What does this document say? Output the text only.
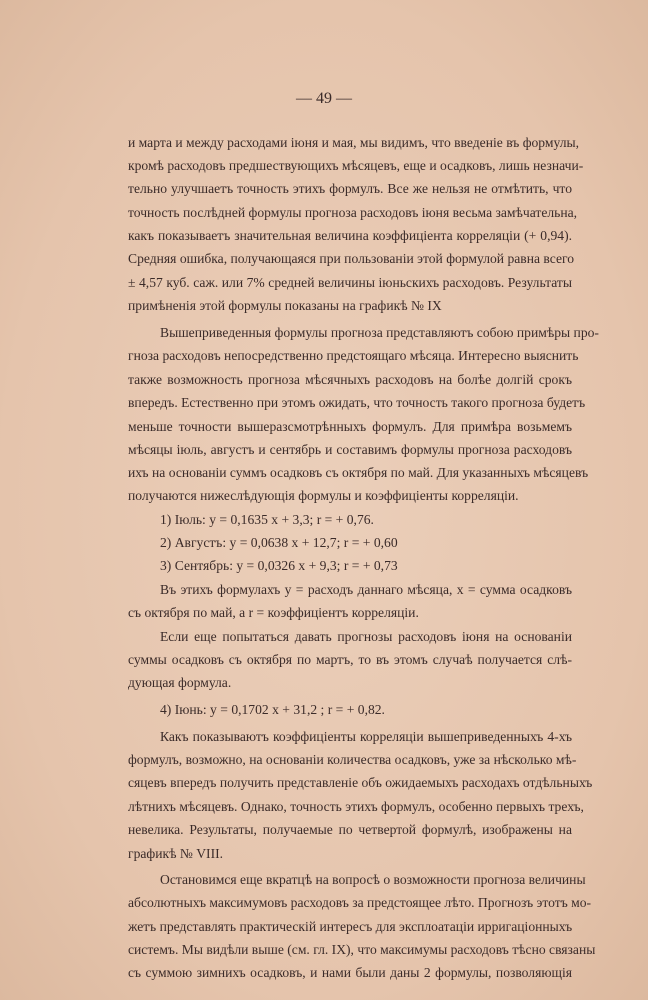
— 49 —
и марта и между расходами іюня и мая, мы видимъ, что введеніе въ формулы,
кромѣ расходовъ предшествующихъ мѣсяцевъ, еще и осадковъ, лишь незначи-
тельно улучшаетъ точность этихъ формулъ. Все же нельзя не отмѣтить, что
точность послѣдней формулы прогноза расходовъ іюня весьма замѣчательна,
какъ показываетъ значительная величина коэффиціента корреляціи (+ 0,94).
Средняя ошибка, получающаяся при пользованіи этой формулой равна всего
± 4,57 куб. саж. или 7% средней величины іюньскихъ расходовъ. Результаты
примѣненія этой формулы показаны на графикѣ № IX
Вышеприведенныя формулы прогноза представляютъ собою примѣры про-
гноза расходовъ непосредственно предстоящаго мѣсяца. Интересно выяснить
также возможность прогноза мѣсячныхъ расходовъ на болѣе долгій срокъ
впередъ. Естественно при этомъ ожидать, что точность такого прогноза будетъ
меньше точности вышеразсмотрѣнныхъ формулъ. Для примѣра возьмемъ
мѣсяцы іюль, августъ и сентябрь и составимъ формулы прогноза расходовъ
ихъ на основаніи суммъ осадковъ съ октября по май. Для указанныхъ мѣсяцевъ
получаются нижеслѣдующія формулы и коэффиціенты корреляціи.
1) Іюль: y = 0,1635 x + 3,3; r = + 0,76.
2) Августъ: y = 0,0638 x + 12,7; r = + 0,60
3) Сентябрь: y = 0,0326 x + 9,3; r = + 0,73
Въ этихъ формулахъ y = расходъ даннаго мѣсяца, x = сумма осадковъ
съ октября по май, а r = коэффиціентъ корреляціи.
Если еще попытаться давать прогнозы расходовъ іюня на основаніи
суммы осадковъ съ октября по мартъ, то въ этомъ случаѣ получается слѣ-
дующая формула.
4) Іюнь: y = 0,1702 x + 31,2 ; r = + 0,82.
Какъ показываютъ коэффиціенты корреляціи вышеприведенныхъ 4-хъ
формулъ, возможно, на основаніи количества осадковъ, уже за нѣсколько мѣ-
сяцевъ впередъ получить представленіе объ ожидаемыхъ расходахъ отдѣльныхъ
лѣтнихъ мѣсяцевъ. Однако, точность этихъ формулъ, особенно первыхъ трехъ,
невелика. Результаты, получаемые по четвертой формулѣ, изображены на
графикѣ № VIII.
Остановимся еще вкратцѣ на вопросѣ о возможности прогноза величины
абсолютныхъ максимумовъ расходовъ за предстоящее лѣто. Прогнозъ этотъ мо-
жетъ представлять практическій интересъ для эксплоатаціи ирригаціонныхъ
системъ. Мы видѣли выше (см. гл. IX), что максимумы расходовъ тѣсно связаны
съ суммою зимнихъ осадковъ, и нами были даны 2 формулы, позволяющія
